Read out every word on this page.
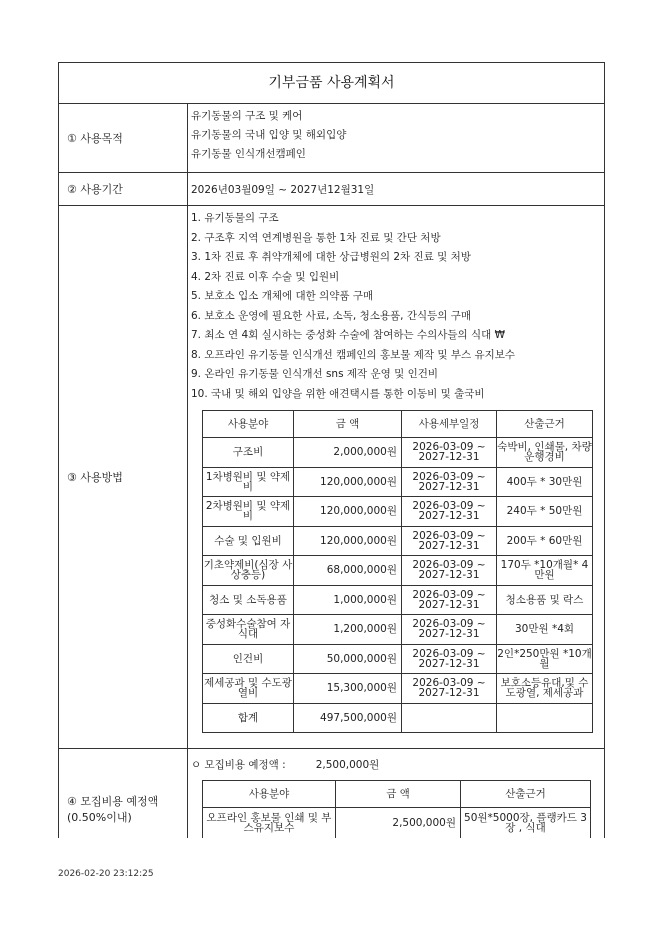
기부금품 사용계획서
① 사용목적
유기동물의 구조 및 케어
유기동물의 국내 입양 및 해외입양
유기동물 인식개선캠페인
② 사용기간	2026년03월09일 ~ 2027년12월31일
③ 사용방법
1. 유기동물의 구조
2. 구조후 지역 연계병원을 통한 1차 진료 및 간단 처방
3. 1차 진료 후 취약개체에 대한 상급병원의 2차 진료 및 처방
4. 2차 진료 이후 수술 및 입원비
5. 보호소 입소 개체에 대한 의약품 구매
6. 보호소 운영에 필요한 사료, 소독, 청소용품, 간식등의 구매
7. 최소 연 4회 실시하는 중성화 수술에 참여하는 수의사들의 식대 ₩
8. 오프라인 유기동물 인식개선 캠페인의 홍보물 제작 및 부스 유지보수
9. 온라인 유기동물 인식개선 sns 제작 운영 및 인건비
10. 국내 및 해외 입양을 위한 애견택시를 통한 이동비 및 출국비
사용분야	금 액	사용세부일정	산출근거
구조비	2,000,000원	2026-03-09 ~ 2027-12-31	숙박비, 인쇄물, 차량운행경비
1차병원비 및 약제비	120,000,000원	2026-03-09 ~ 2027-12-31	400두 * 30만원
2차병원비 및 약제비	120,000,000원	2026-03-09 ~ 2027-12-31	240두 * 50만원
수술 및 입원비	120,000,000원	2026-03-09 ~ 2027-12-31	200두 * 60만원
기초약제비(심장 사상충등)	68,000,000원	2026-03-09 ~ 2027-12-31	170두 *10개월* 4만원
청소 및 소독용품	1,000,000원	2026-03-09 ~ 2027-12-31	청소용품 및 락스
중성화수술참여 자 식대	1,200,000원	2026-03-09 ~ 2027-12-31	30만원 *4회
인건비	50,000,000원	2026-03-09 ~ 2027-12-31	2인*250만원 *10개월
제세공과 및 수도광열비	15,300,000원	2026-03-09 ~ 2027-12-31	보호소등유대,및 수도광열, 제세공과
합계	497,500,000원		
④ 모집비용 예정액 (0.50%이내)
ㅇ 모집비용 예정액 :	2,500,000원
사용분야	금 액	산출근거
오프라인 홍보물 인쇄 및 부스유지보수	2,500,000원	50원*5000장, 플랭카드 3장 , 식대
2026-02-20 23:12:25
